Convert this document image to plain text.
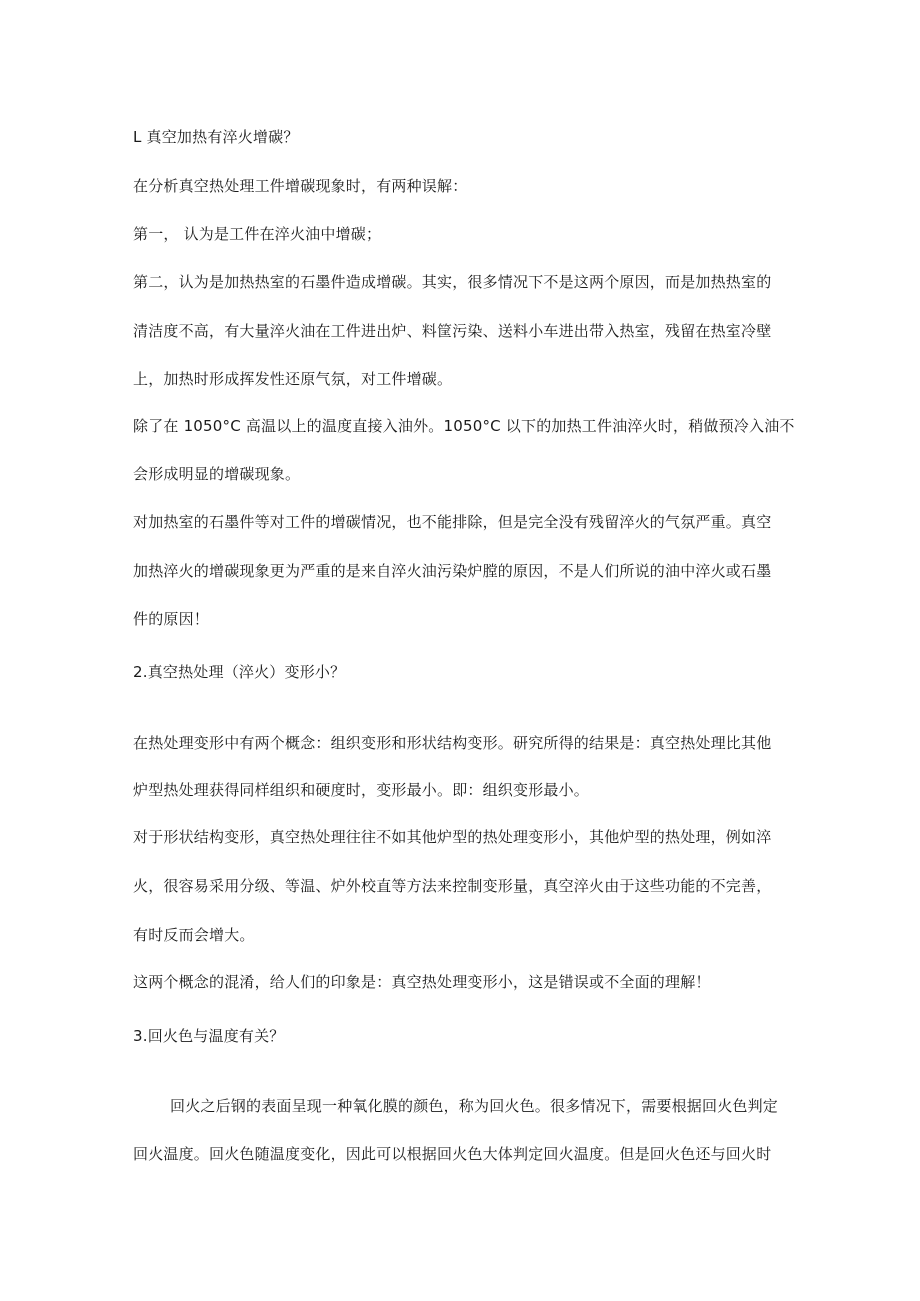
L 真空加热有淬火增碳？
在分析真空热处理工件增碳现象时，有两种误解：
第一， 认为是工件在淬火油中增碳；
第二，认为是加热热室的石墨件造成增碳。其实，很多情况下不是这两个原因，而是加热热室的
清洁度不高，有大量淬火油在工件进出炉、料筐污染、送料小车进出带入热室，残留在热室冷壁
上，加热时形成挥发性还原气氛，对工件增碳。
除了在 1050°C 高温以上的温度直接入油外。1050°C 以下的加热工件油淬火时，稍做预冷入油不
会形成明显的增碳现象。
对加热室的石墨件等对工件的增碳情况，也不能排除，但是完全没有残留淬火的气氛严重。真空
加热淬火的增碳现象更为严重的是来自淬火油污染炉膛的原因，不是人们所说的油中淬火或石墨
件的原因！
2.真空热处理（淬火）变形小？
在热处理变形中有两个概念：组织变形和形状结构变形。研究所得的结果是：真空热处理比其他
炉型热处理获得同样组织和硬度时，变形最小。即：组织变形最小。
对于形状结构变形，真空热处理往往不如其他炉型的热处理变形小，其他炉型的热处理，例如淬
火，很容易采用分级、等温、炉外校直等方法来控制变形量，真空淬火由于这些功能的不完善，
有时反而会增大。
这两个概念的混淆，给人们的印象是：真空热处理变形小，这是错误或不全面的理解！
3.回火色与温度有关？
回火之后钢的表面呈现一种氧化膜的颜色，称为回火色。很多情况下，需要根据回火色判定
回火温度。回火色随温度变化，因此可以根据回火色大体判定回火温度。但是回火色还与回火时
